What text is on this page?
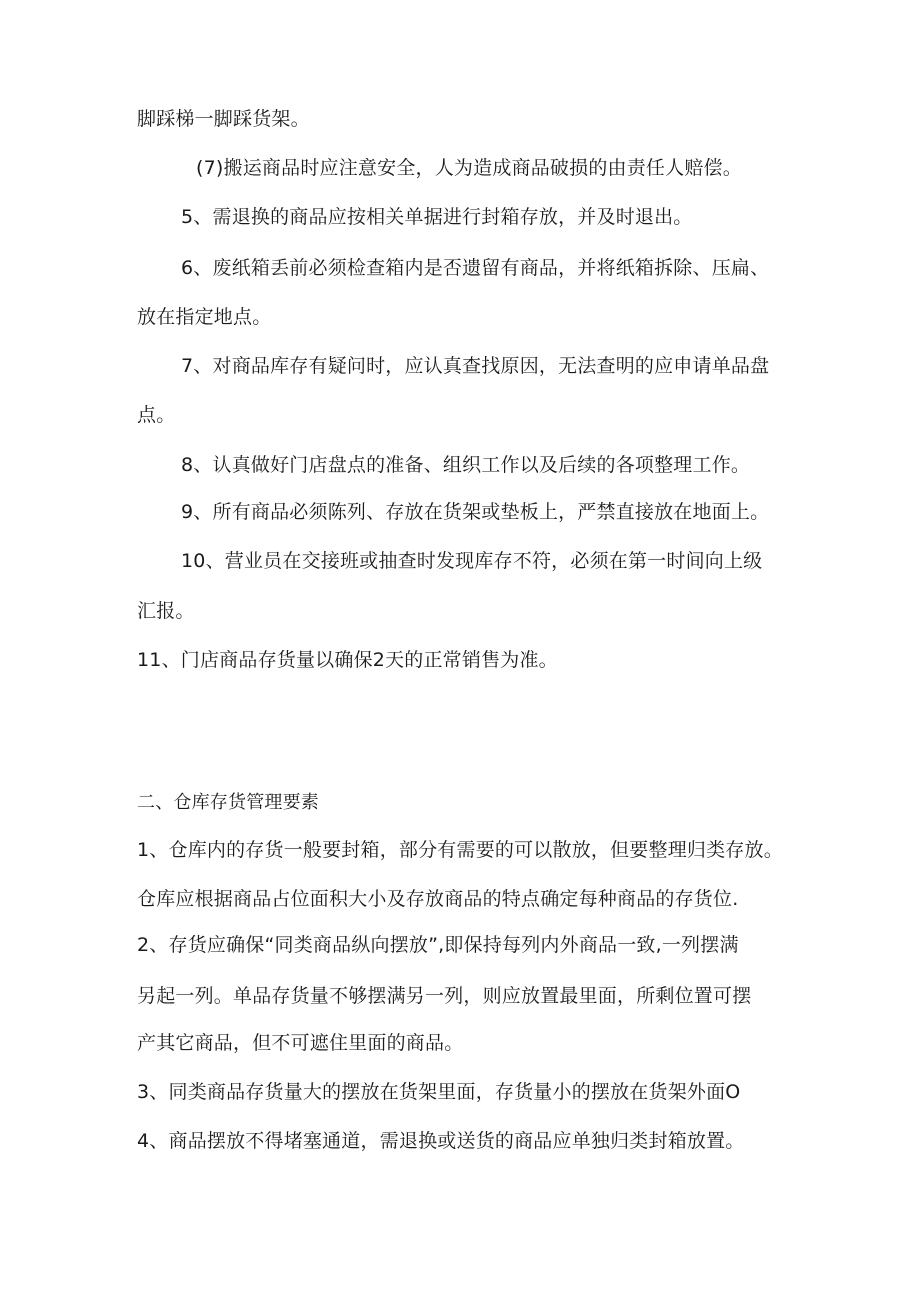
脚踩梯一脚踩货架。
(7)搬运商品时应注意安全，人为造成商品破损的由责任人赔偿。
5、需退换的商品应按相关单据进行封箱存放，并及时退出。
6、废纸箱丢前必须检查箱内是否遗留有商品，并将纸箱拆除、压扁、
放在指定地点。
7、对商品库存有疑问时，应认真查找原因，无法查明的应申请单品盘
点。
8、认真做好门店盘点的准备、组织工作以及后续的各项整理工作。
9、所有商品必须陈列、存放在货架或垫板上，严禁直接放在地面上。
10、营业员在交接班或抽查时发现库存不符，必须在第一时间向上级
汇报。
11、门店商品存货量以确保2天的正常销售为准。
二、仓库存货管理要素
1、仓库内的存货一般要封箱，部分有需要的可以散放，但要整理归类存放。
仓库应根据商品占位面积大小及存放商品的特点确定每种商品的存货位.
2、存货应确保“同类商品纵向摆放”,即保持每列内外商品一致,一列摆满
另起一列。单品存货量不够摆满另一列，则应放置最里面，所剩位置可摆
产其它商品，但不可遮住里面的商品。
3、同类商品存货量大的摆放在货架里面，存货量小的摆放在货架外面O
4、商品摆放不得堵塞通道，需退换或送货的商品应单独归类封箱放置。
